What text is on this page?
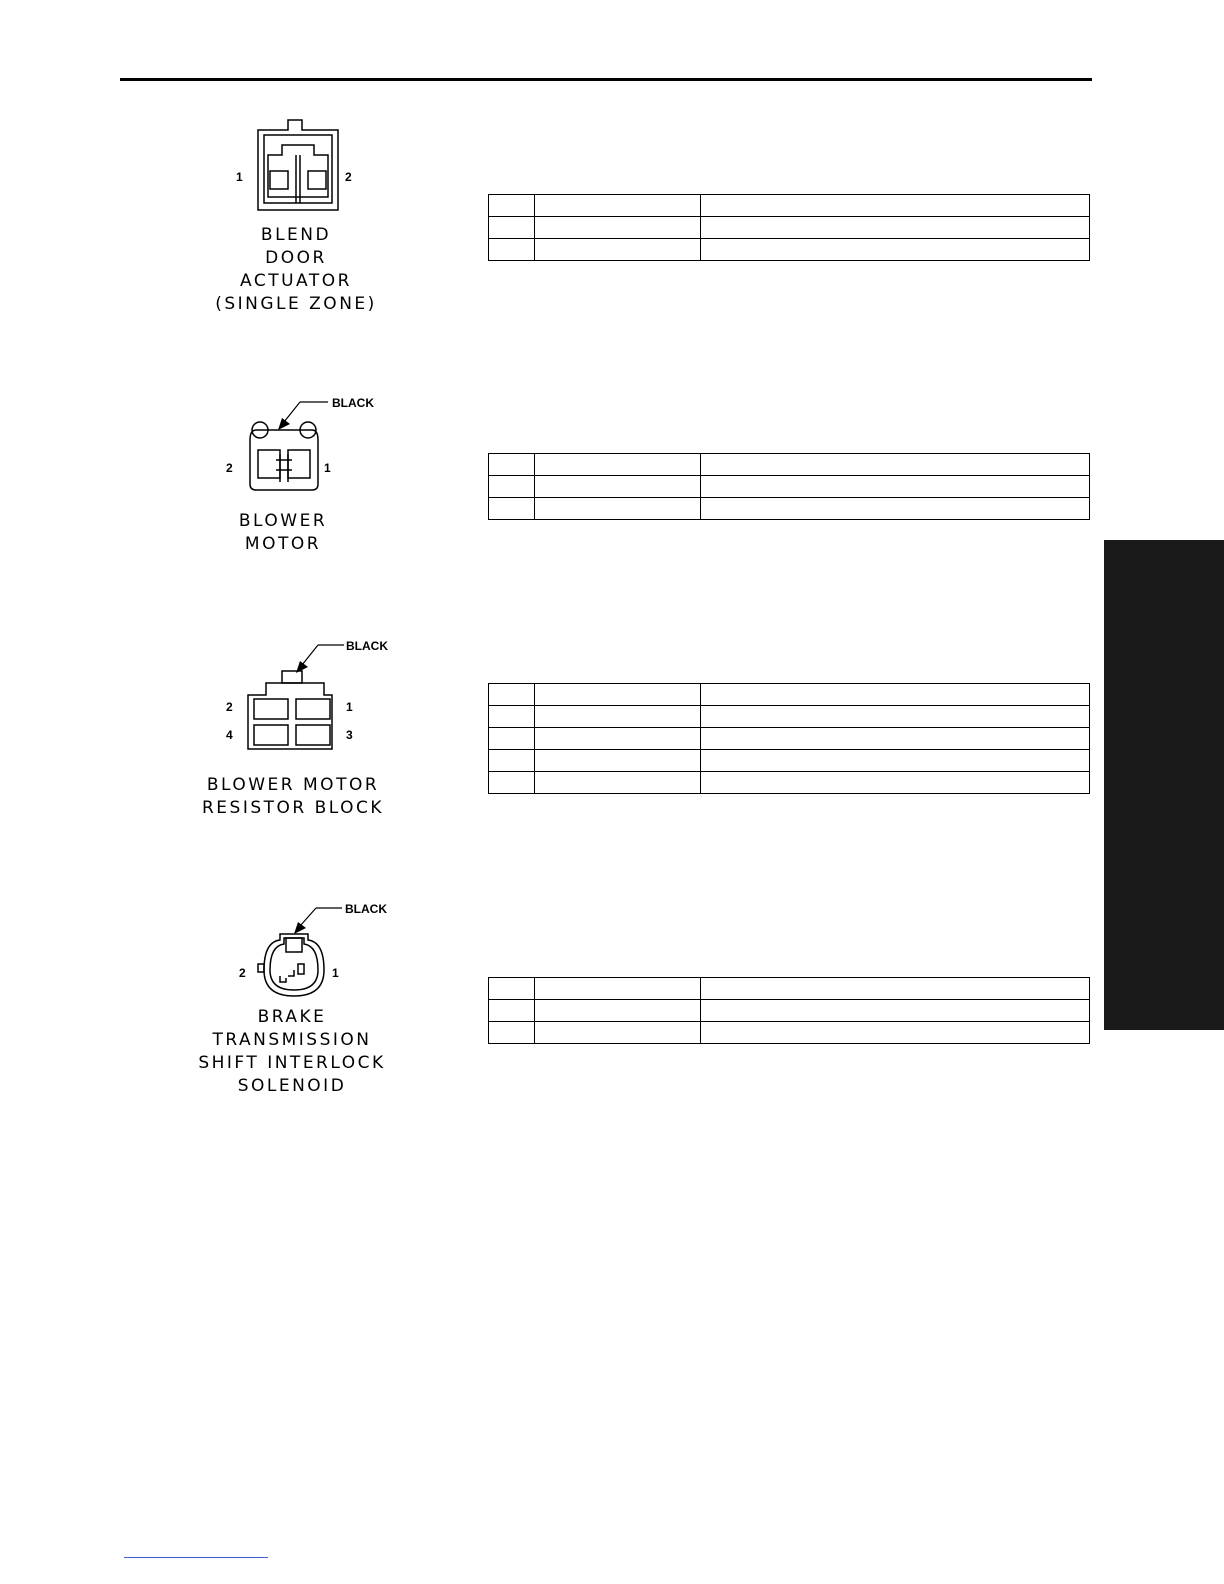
1	2
BLEND
DOOR
ACTUATOR
(SINGLE ZONE)

BLACK
2	1
BLOWER
MOTOR

BLACK
2	1
4	3
BLOWER MOTOR
RESISTOR BLOCK

BLACK
2	1
BRAKE
TRANSMISSION
SHIFT INTERLOCK
SOLENOID
